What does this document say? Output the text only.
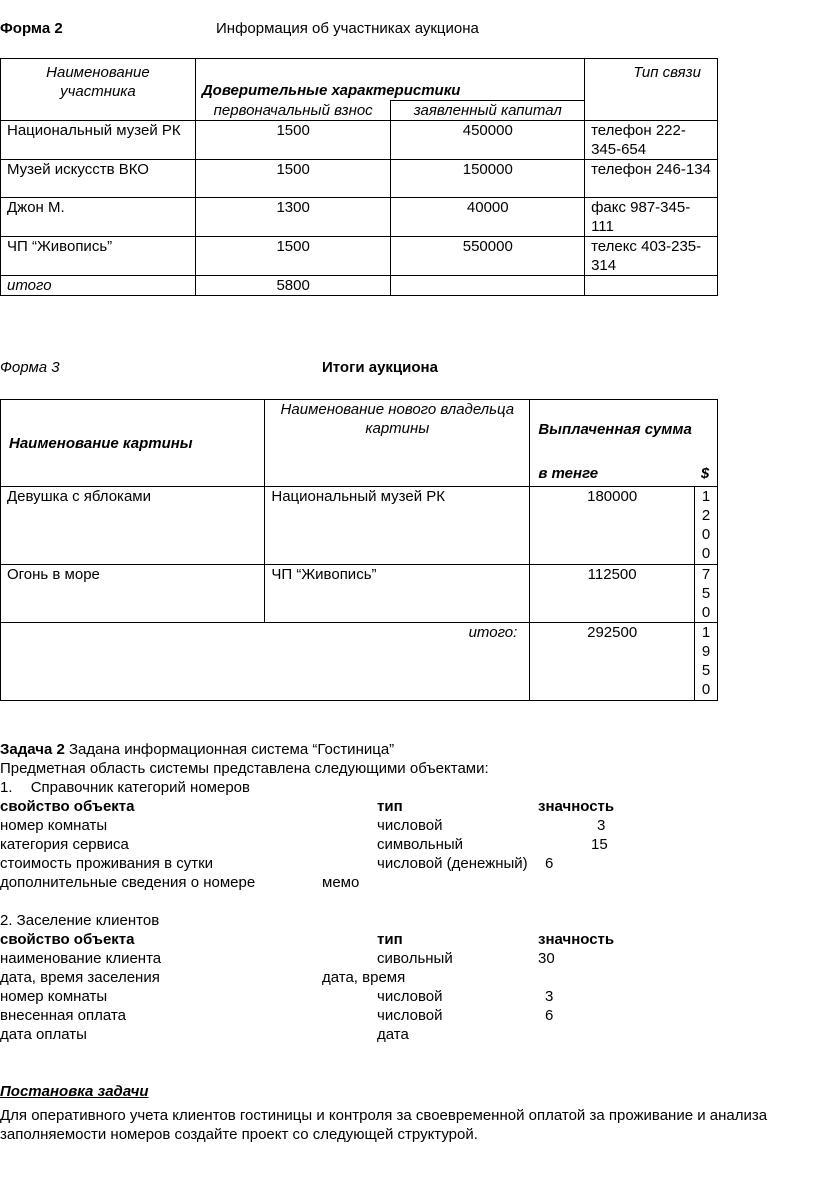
Форма 2	Информация об участниках аукциона
Наименование участника	Доверительные характеристики		Тип связи
	первоначальный взнос	заявленный капитал	
Национальный музей РК	1500	450000	телефон 222-345-654
Музей искусств ВКО	1500	150000	телефон 246-134
Джон М.	1300	40000	факс 987-345-111
ЧП “Живопись”	1500	550000	телекс 403-235-314
итого	5800		
Форма 3	Итоги аукциона
Наименование картины	Наименование нового владельца картины	Выплаченная сумма
в тенге $	

Девушка с яблоками	Национальный музей РК	180000	1200

Огонь в море	ЧП “Живопись”	112500	750

итого:		292500	1950
Задача 2 Задана информационная система “Гостиница”
Предметная область системы представлена следующими объектами:
1. Справочник категорий номеров
свойство объекта	тип	значность
номер комнаты	числовой	3
категория сервиса	символьный	15
стоимость проживания в сутки	числовой (денежный) 6
дополнительные сведения о номере	мемо
2. Заселение клиентов
свойство объекта	тип	значность
наименование клиента	сивольный	30
дата, время заселения	дата, время
номер комнаты	числовой	3
внесенная оплата	числовой	6
дата оплаты	дата
Постановка задачи
Для оперативного учета клиентов гостиницы и контроля за своевременной оплатой за проживание и анализа
заполняемости номеров создайте проект со следующей структурой.
